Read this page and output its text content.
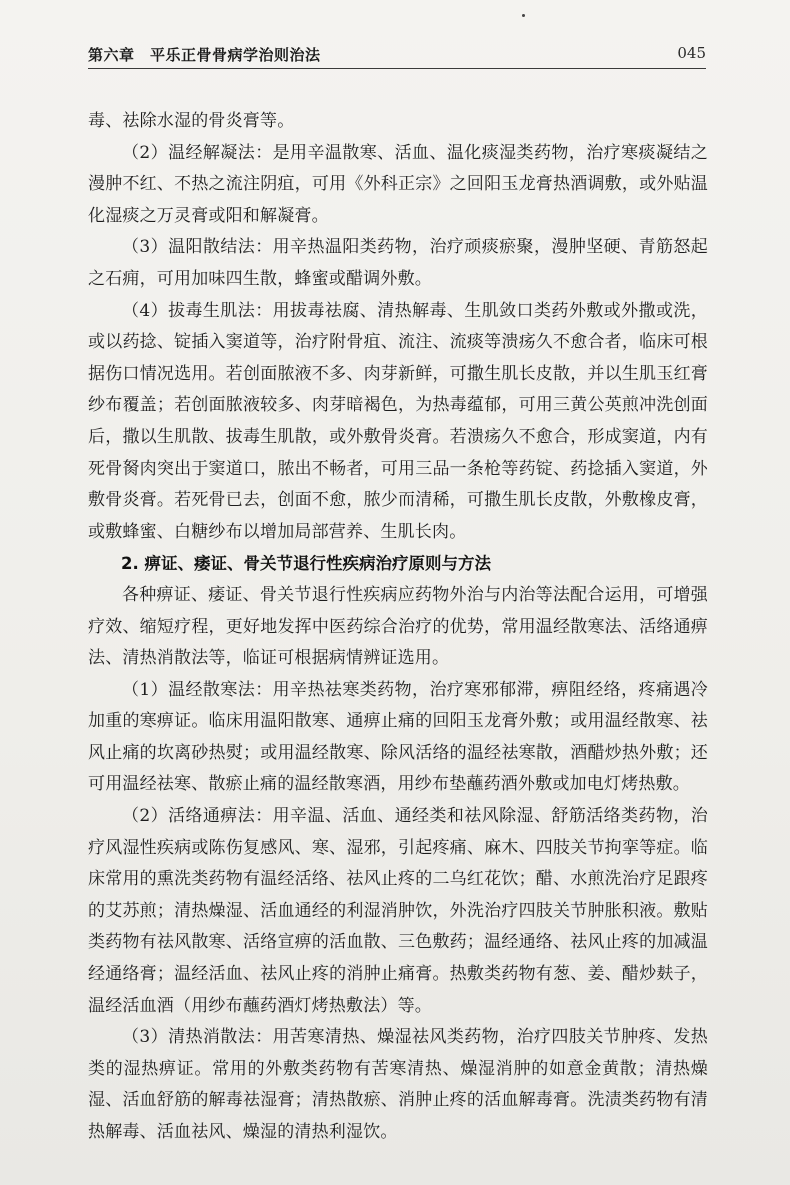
第六章　平乐正骨骨病学治则治法	045

毒、祛除水湿的骨炎膏等。

（2）温经解凝法：是用辛温散寒、活血、温化痰湿类药物，治疗寒痰凝结之漫肿不红、不热之流注阴疽，可用《外科正宗》之回阳玉龙膏热酒调敷，或外贴温化湿痰之万灵膏或阳和解凝膏。

（3）温阳散结法：用辛热温阳类药物，治疗顽痰瘀聚，漫肿坚硬、青筋怒起之石痈，可用加味四生散，蜂蜜或醋调外敷。

（4）拔毒生肌法：用拔毒祛腐、清热解毒、生肌敛口类药外敷或外撒或洗，或以药捻、锭插入窦道等，治疗附骨疽、流注、流痰等溃疡久不愈合者，临床可根据伤口情况选用。若创面脓液不多、肉芽新鲜，可撒生肌长皮散，并以生肌玉红膏纱布覆盖；若创面脓液较多、肉芽暗褐色，为热毒蕴郁，可用三黄公英煎冲洗创面后，撒以生肌散、拔毒生肌散，或外敷骨炎膏。若溃疡久不愈合，形成窦道，内有死骨胬肉突出于窦道口，脓出不畅者，可用三品一条枪等药锭、药捻插入窦道，外敷骨炎膏。若死骨已去，创面不愈，脓少而清稀，可撒生肌长皮散，外敷橡皮膏，或敷蜂蜜、白糖纱布以增加局部营养、生肌长肉。

2. 痹证、痿证、骨关节退行性疾病治疗原则与方法

各种痹证、痿证、骨关节退行性疾病应药物外治与内治等法配合运用，可增强疗效、缩短疗程，更好地发挥中医药综合治疗的优势，常用温经散寒法、活络通痹法、清热消散法等，临证可根据病情辨证选用。

（1）温经散寒法：用辛热祛寒类药物，治疗寒邪郁滞，痹阻经络，疼痛遇冷加重的寒痹证。临床用温阳散寒、通痹止痛的回阳玉龙膏外敷；或用温经散寒、祛风止痛的坎离砂热熨；或用温经散寒、除风活络的温经祛寒散，酒醋炒热外敷；还可用温经祛寒、散瘀止痛的温经散寒酒，用纱布垫蘸药酒外敷或加电灯烤热敷。

（2）活络通痹法：用辛温、活血、通经类和祛风除湿、舒筋活络类药物，治疗风湿性疾病或陈伤复感风、寒、湿邪，引起疼痛、麻木、四肢关节拘挛等症。临床常用的熏洗类药物有温经活络、祛风止疼的二乌红花饮；醋、水煎洗治疗足跟疼的艾苏煎；清热燥湿、活血通经的利湿消肿饮，外洗治疗四肢关节肿胀积液。敷贴类药物有祛风散寒、活络宣痹的活血散、三色敷药；温经通络、祛风止疼的加减温经通络膏；温经活血、祛风止疼的消肿止痛膏。热敷类药物有葱、姜、醋炒麸子，温经活血酒（用纱布蘸药酒灯烤热敷法）等。

（3）清热消散法：用苦寒清热、燥湿祛风类药物，治疗四肢关节肿疼、发热类的湿热痹证。常用的外敷类药物有苦寒清热、燥湿消肿的如意金黄散；清热燥湿、活血舒筋的解毒祛湿膏；清热散瘀、消肿止疼的活血解毒膏。洗渍类药物有清热解毒、活血祛风、燥湿的清热利湿饮。
